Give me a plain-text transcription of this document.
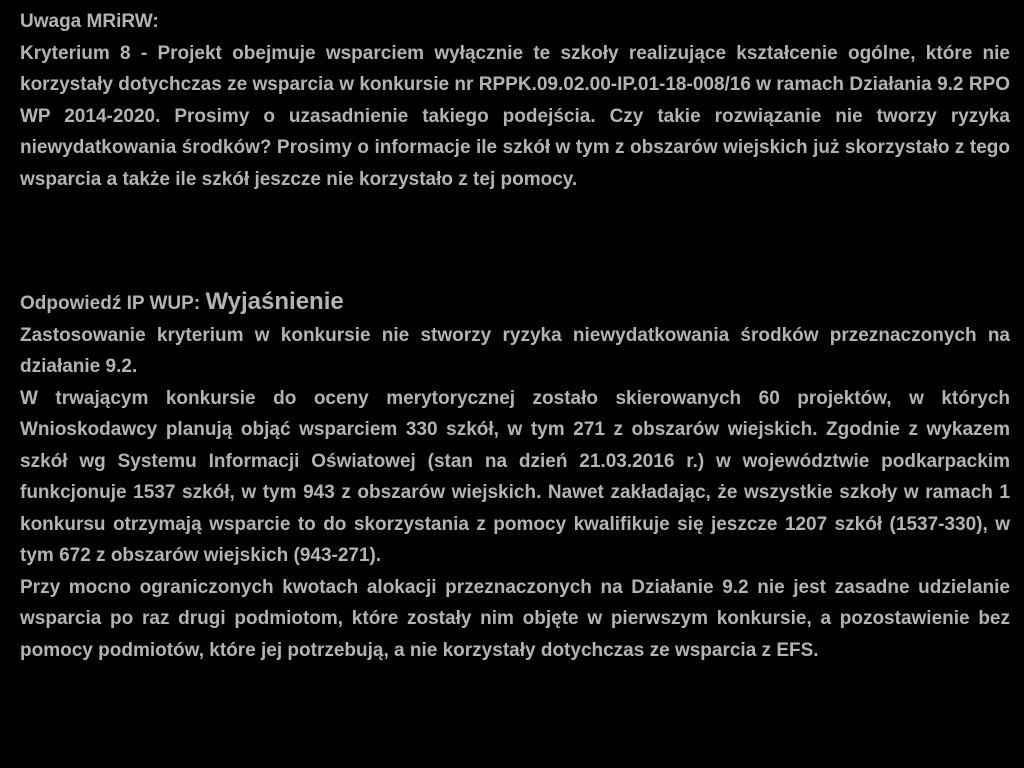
Uwaga MRiRW:

Kryterium 8 - Projekt obejmuje wsparciem wyłącznie te szkoły realizujące kształcenie ogólne, które nie korzystały dotychczas ze wsparcia w konkursie nr RPPK.09.02.00-IP.01-18-008/16 w ramach Działania 9.2 RPO WP 2014-2020. Prosimy o uzasadnienie takiego podejścia. Czy takie rozwiązanie nie tworzy ryzyka niewydatkowania środków? Prosimy o informacje ile szkół w tym z obszarów wiejskich już skorzystało z tego wsparcia a także ile szkół jeszcze nie korzystało z tej pomocy.

Odpowiedź IP WUP: Wyjaśnienie

Zastosowanie kryterium w konkursie nie stworzy ryzyka niewydatkowania środków przeznaczonych na działanie 9.2.

W trwającym konkursie do oceny merytorycznej zostało skierowanych 60 projektów, w których Wnioskodawcy planują objąć wsparciem 330 szkół, w tym 271 z obszarów wiejskich. Zgodnie z wykazem szkół wg Systemu Informacji Oświatowej (stan na dzień 21.03.2016 r.) w województwie podkarpackim funkcjonuje 1537 szkół, w tym 943 z obszarów wiejskich. Nawet zakładając, że wszystkie szkoły w ramach 1 konkursu otrzymają wsparcie to do skorzystania z pomocy kwalifikuje się jeszcze 1207 szkół (1537-330), w tym 672 z obszarów wiejskich (943-271).

Przy mocno ograniczonych kwotach alokacji przeznaczonych na Działanie 9.2 nie jest zasadne udzielanie wsparcia po raz drugi podmiotom, które zostały nim objęte w pierwszym konkursie, a pozostawienie bez pomocy podmiotów, które jej potrzebują, a nie korzystały dotychczas ze wsparcia z EFS.
